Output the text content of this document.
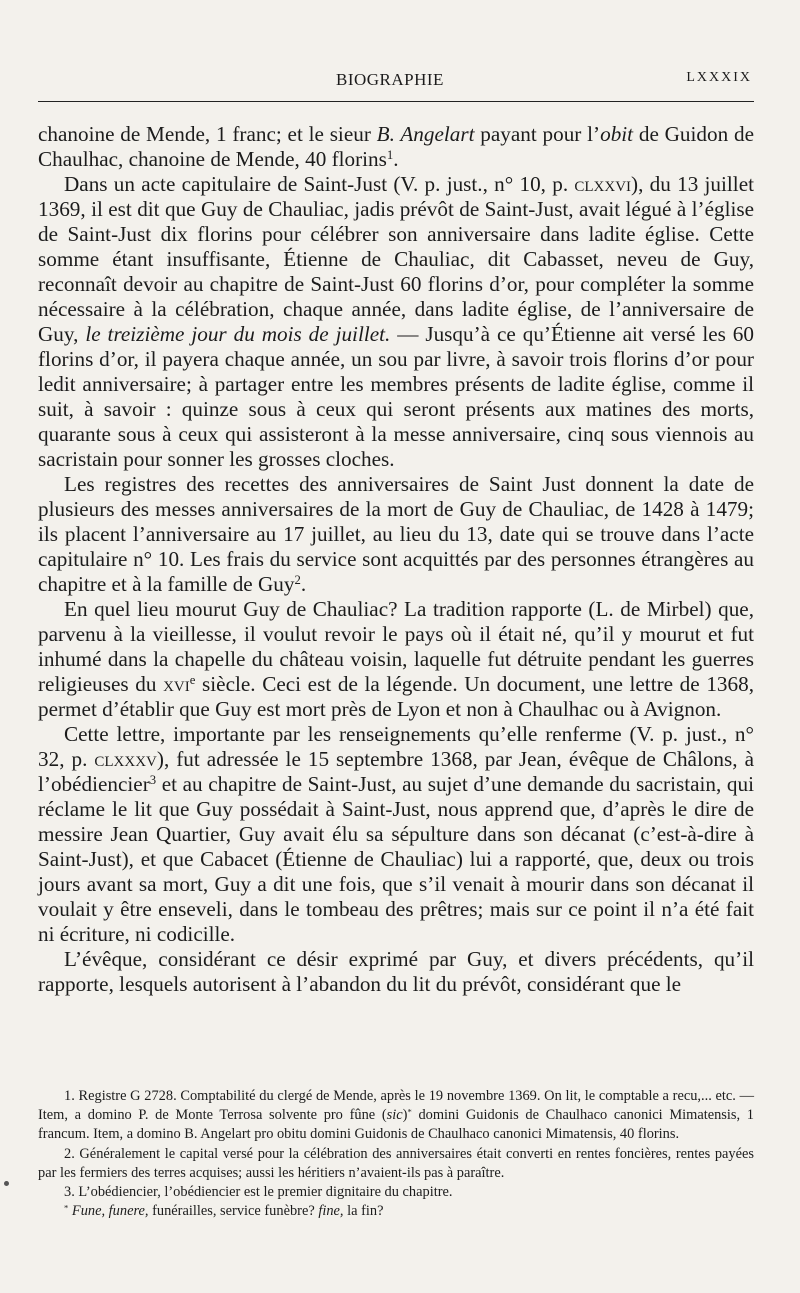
BIOGRAPHIE	LXXXIX

chanoine de Mende, 1 franc; et le sieur B. Angelart payant pour l’obit de Guidon de Chaulhac, chanoine de Mende, 40 florins$^1$.

Dans un acte capitulaire de Saint-Just (V. p. just., n° 10, p. clxxvi), du 13 juillet 1369, il est dit que Guy de Chauliac, jadis prévôt de Saint-Just, avait légué à l’église de Saint-Just dix florins pour célébrer son anniversaire dans ladite église. Cette somme étant insuffisante, Étienne de Chauliac, dit Cabasset, neveu de Guy, reconnaît devoir au chapitre de Saint-Just 60 florins d’or, pour compléter la somme nécessaire à la célébration, chaque année, dans ladite église, de l’anniversaire de Guy, le treizième jour du mois de juillet. — Jusqu’à ce qu’Étienne ait versé les 60 florins d’or, il payera chaque année, un sou par livre, à savoir trois florins d’or pour ledit anniversaire; à partager entre les membres présents de ladite église, comme il suit, à savoir : quinze sous à ceux qui seront présents aux matines des morts, quarante sous à ceux qui assisteront à la messe anniversaire, cinq sous viennois au sacristain pour sonner les grosses cloches.

Les registres des recettes des anniversaires de Saint Just donnent la date de plusieurs des messes anniversaires de la mort de Guy de Chauliac, de 1428 à 1479; ils placent l’anniversaire au 17 juillet, au lieu du 13, date qui se trouve dans l’acte capitulaire n° 10. Les frais du service sont acquittés par des personnes étrangères au chapitre et à la famille de Guy$^2$.

En quel lieu mourut Guy de Chauliac? La tradition rapporte (L. de Mirbel) que, parvenu à la vieillesse, il voulut revoir le pays où il était né, qu’il y mourut et fut inhumé dans la chapelle du château voisin, laquelle fut détruite pendant les guerres religieuses du xvi$^e$ siècle. Ceci est de la légende. Un document, une lettre de 1368, permet d’établir que Guy est mort près de Lyon et non à Chaulhac ou à Avignon.

Cette lettre, importante par les renseignements qu’elle renferme (V. p. just., n° 32, p. clxxxv), fut adressée le 15 septembre 1368, par Jean, évêque de Châlons, à l’obédiencier$^3$ et au chapitre de Saint-Just, au sujet d’une demande du sacristain, qui réclame le lit que Guy possédait à Saint-Just, nous apprend que, d’après le dire de messire Jean Quartier, Guy avait élu sa sépulture dans son décanat (c’est-à-dire à Saint-Just), et que Cabacet (Étienne de Chauliac) lui a rapporté, que, deux ou trois jours avant sa mort, Guy a dit une fois, que s’il venait à mourir dans son décanat il voulait y être enseveli, dans le tombeau des prêtres; mais sur ce point il n’a été fait ni écriture, ni codicille.

L’évêque, considérant ce désir exprimé par Guy, et divers précédents, qu’il rapporte, lesquels autorisent à l’abandon du lit du prévôt, considérant que le

1. Registre G 2728. Comptabilité du clergé de Mende, après le 19 novembre 1369. On lit, le comptable a recu,... etc. — Item, a domino P. de Monte Terrosa solvente pro fûne (sic)* domini Guidonis de Chaulhaco canonici Mimatensis, 1 francum. Item, a domino B. Angelart pro obitu domini Guidonis de Chaulhaco canonici Mimatensis, 40 florins.

2. Généralement le capital versé pour la célébration des anniversaires était converti en rentes foncières, rentes payées par les fermiers des terres acquises; aussi les héritiers n’avaient-ils pas à paraître.

3. L’obédiencier, l’obédiencier est le premier dignitaire du chapitre.

* Fune, funere, funérailles, service funèbre? fine, la fin?
